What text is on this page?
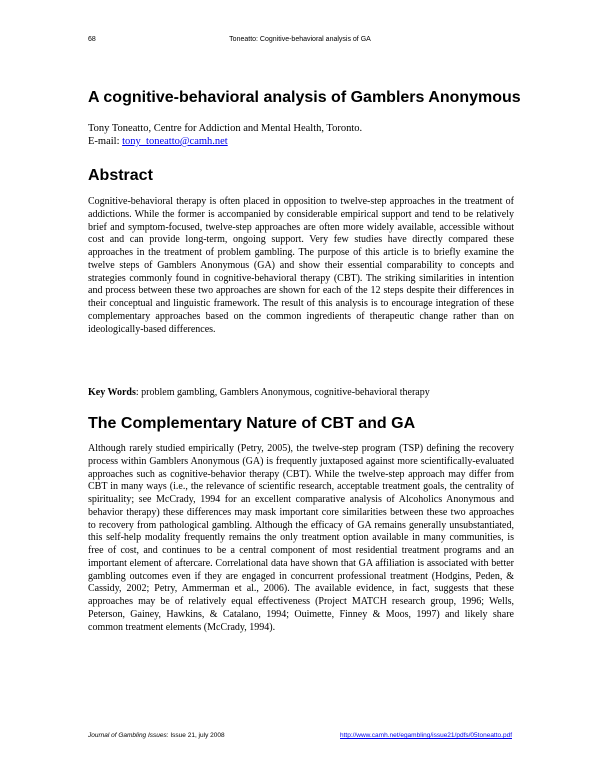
68	Toneatto: Cognitive-behavioral analysis of GA
A cognitive-behavioral analysis of Gamblers Anonymous
Tony Toneatto, Centre for Addiction and Mental Health, Toronto.
E-mail: tony_toneatto@camh.net
Abstract

Cognitive-behavioral therapy is often placed in opposition to twelve-step approaches in the treatment of addictions. While the former is accompanied by considerable empirical support and tend to be relatively brief and symptom-focused, twelve-step approaches are often more widely available, accessible without cost and can provide long-term, ongoing support. Very few studies have directly compared these approaches in the treatment of problem gambling. The purpose of this article is to briefly examine the twelve steps of Gamblers Anonymous (GA) and show their essential comparability to concepts and strategies commonly found in cognitive-behavioral therapy (CBT). The striking similarities in intention and process between these two approaches are shown for each of the 12 steps despite their differences in their conceptual and linguistic framework. The result of this analysis is to encourage integration of these complementary approaches based on the common ingredients of therapeutic change rather than on ideologically-based differences.

Key Words: problem gambling, Gamblers Anonymous, cognitive-behavioral therapy
The Complementary Nature of CBT and GA

Although rarely studied empirically (Petry, 2005), the twelve-step program (TSP) defining the recovery process within Gamblers Anonymous (GA) is frequently juxtaposed against more scientifically-evaluated approaches such as cognitive-behavior therapy (CBT). While the twelve-step approach may differ from CBT in many ways (i.e., the relevance of scientific research, acceptable treatment goals, the centrality of spirituality; see McCrady, 1994 for an excellent comparative analysis of Alcoholics Anonymous and behavior therapy) these differences may mask important core similarities between these two approaches to recovery from pathological gambling. Although the efficacy of GA remains generally unsubstantiated, this self-help modality frequently remains the only treatment option available in many communities, is free of cost, and continues to be a central component of most residential treatment programs and an important element of aftercare. Correlational data have shown that GA affiliation is associated with better gambling outcomes even if they are engaged in concurrent professional treatment (Hodgins, Peden, & Cassidy, 2002; Petry, Ammerman et al., 2006). The available evidence, in fact, suggests that these approaches may be of relatively equal effectiveness (Project MATCH research group, 1996; Wells, Peterson, Gainey, Hawkins, & Catalano, 1994; Ouimette, Finney & Moos, 1997) and likely share common treatment elements (McCrady, 1994).

Journal of Gambling Issues: Issue 21, july 2008	http://www.camh.net/egambling/issue21/pdfs/05toneatto.pdf
